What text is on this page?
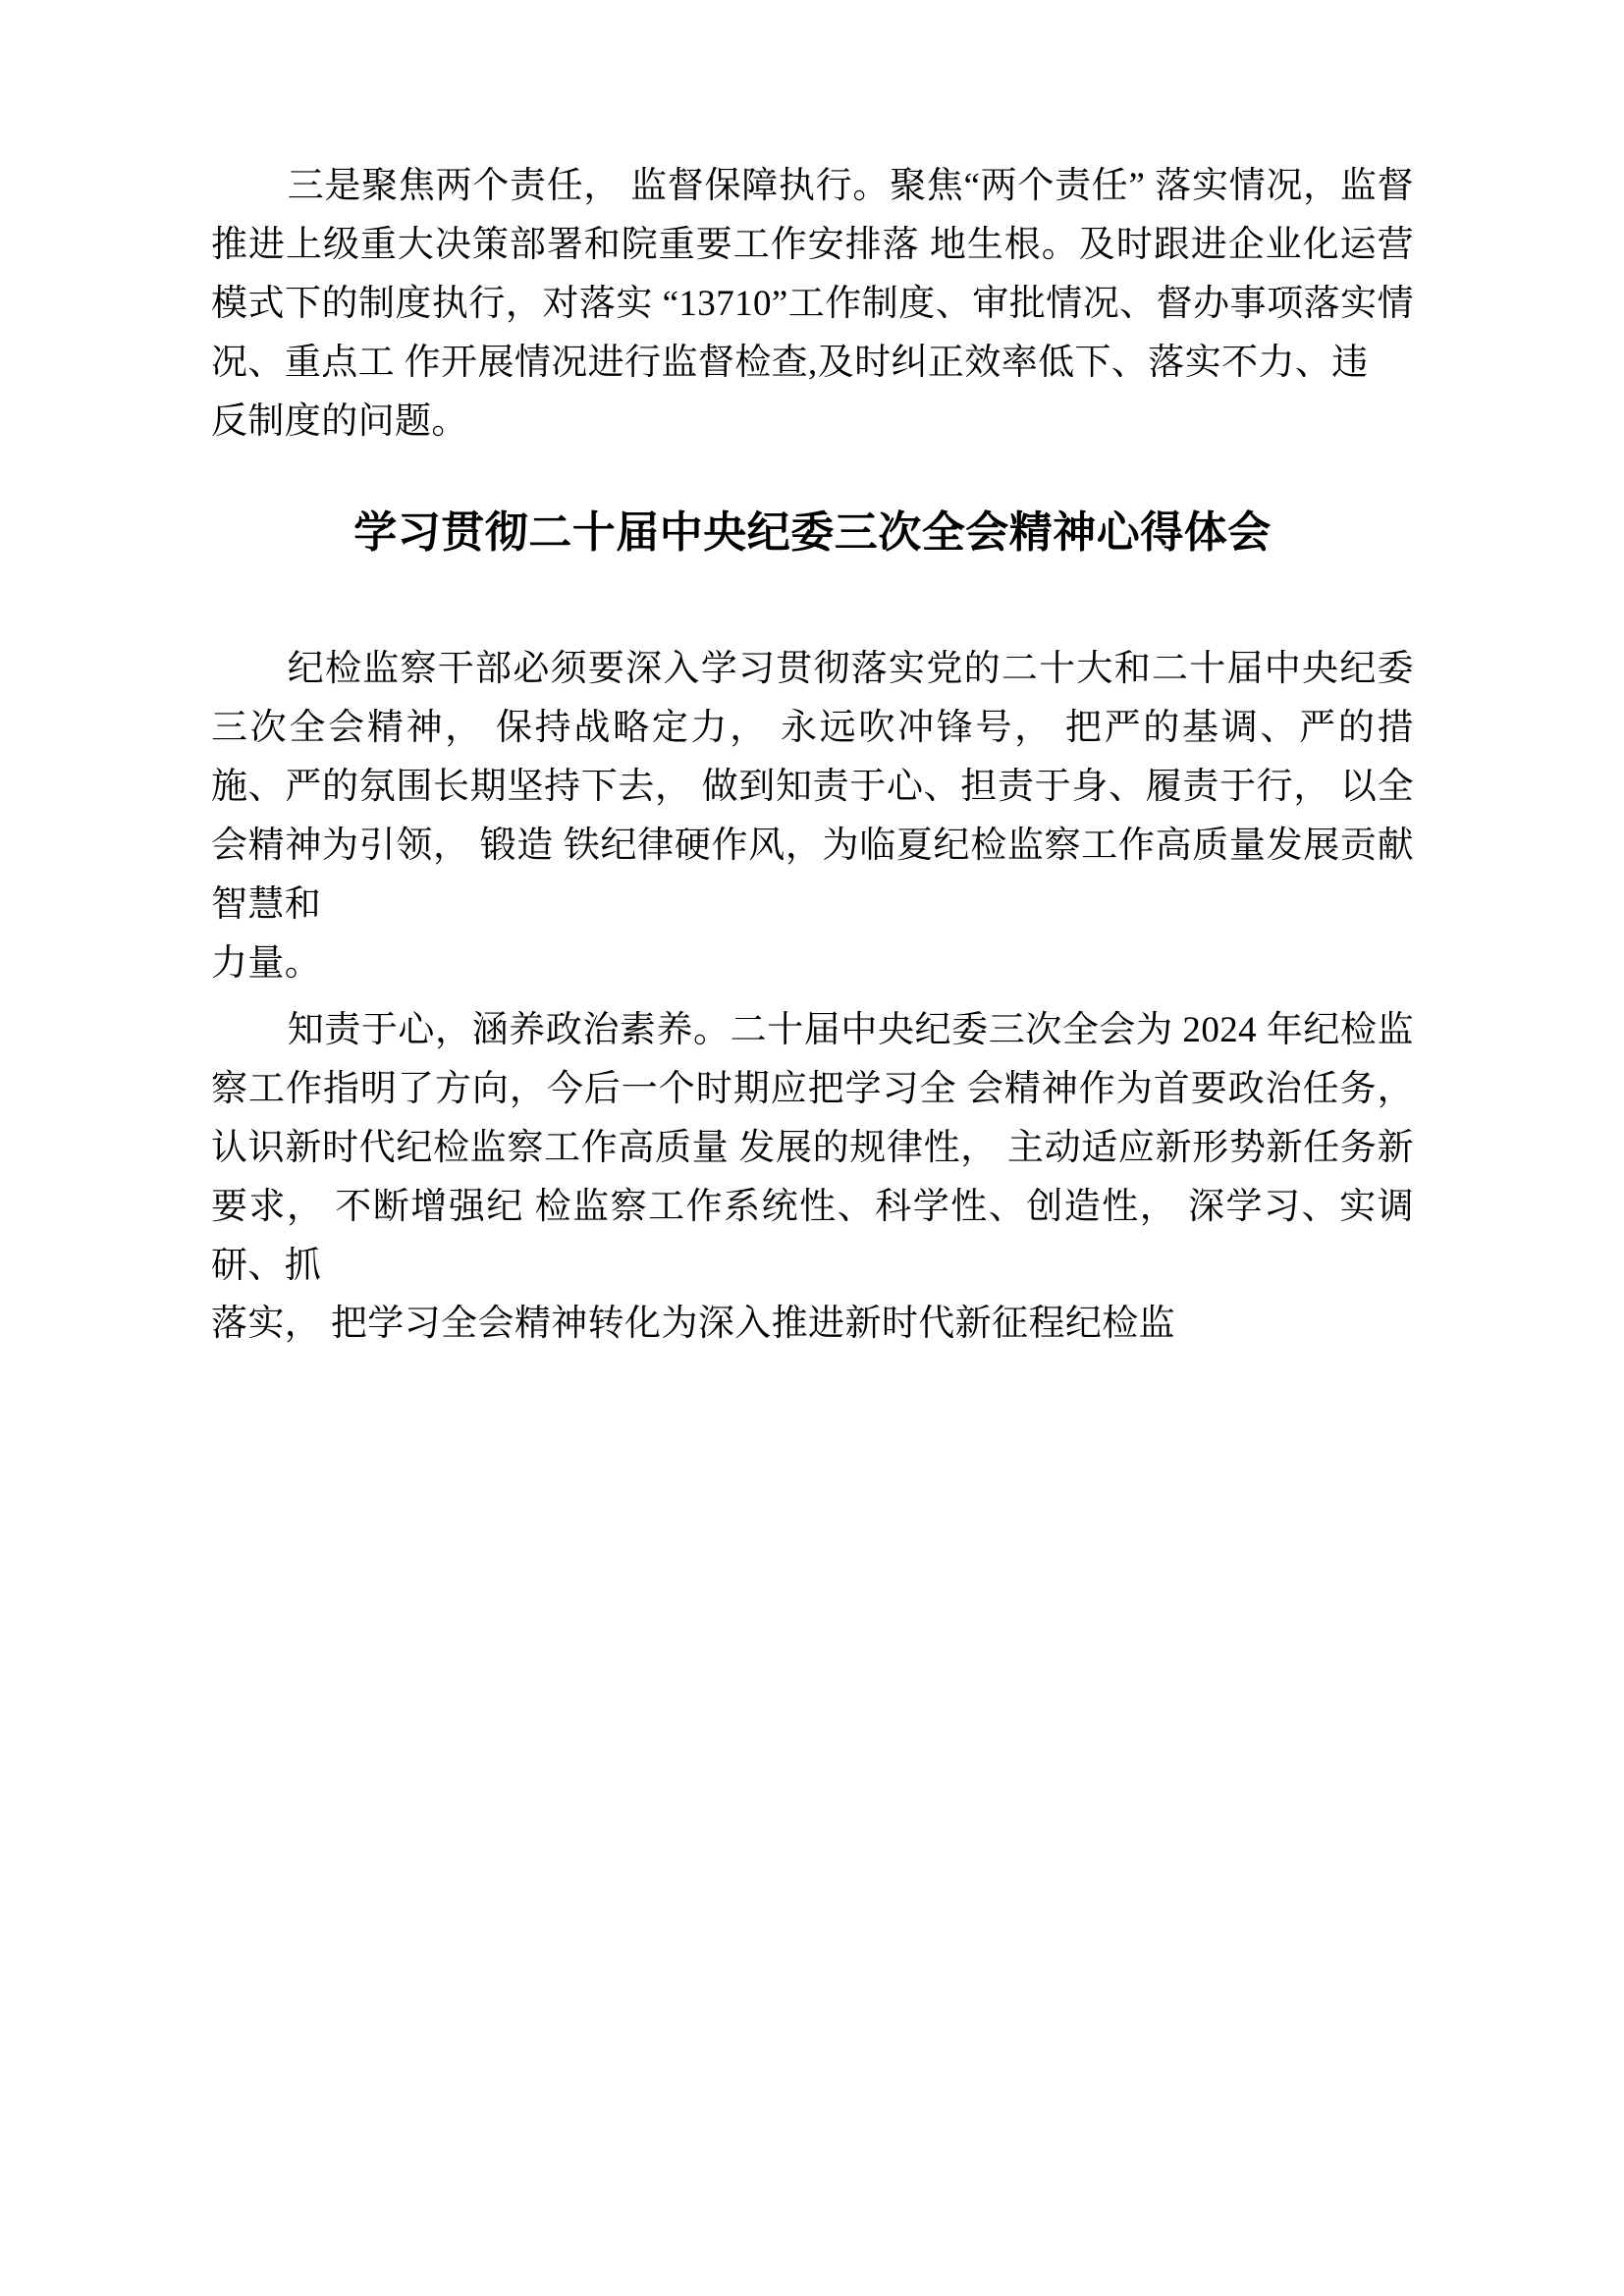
三是聚焦两个责任， 监督保障执行。聚焦“两个责任” 落实情况，监督推进上级重大决策部署和院重要工作安排落 地生根。及时跟进企业化运营模式下的制度执行，对落实 “13710”工作制度、审批情况、督办事项落实情况、重点工 作开展情况进行监督检查,及时纠正效率低下、落实不力、违

反制度的问题。

学习贯彻二十届中央纪委三次全会精神心得体会

纪检监察干部必须要深入学习贯彻落实党的二十大和二十届中央纪委三次全会精神， 保持战略定力， 永远吹冲锋号， 把严的基调、严的措施、严的氛围长期坚持下去， 做到知责于心、担责于身、履责于行， 以全会精神为引领， 锻造 铁纪律硬作风，为临夏纪检监察工作高质量发展贡献智慧和

力量。

知责于心，涵养政治素养。二十届中央纪委三次全会为 2024 年纪检监察工作指明了方向，今后一个时期应把学习全 会精神作为首要政治任务，认识新时代纪检监察工作高质量 发展的规律性， 主动适应新形势新任务新要求， 不断增强纪 检监察工作系统性、科学性、创造性， 深学习、实调研、抓

落实， 把学习全会精神转化为深入推进新时代新征程纪检监
